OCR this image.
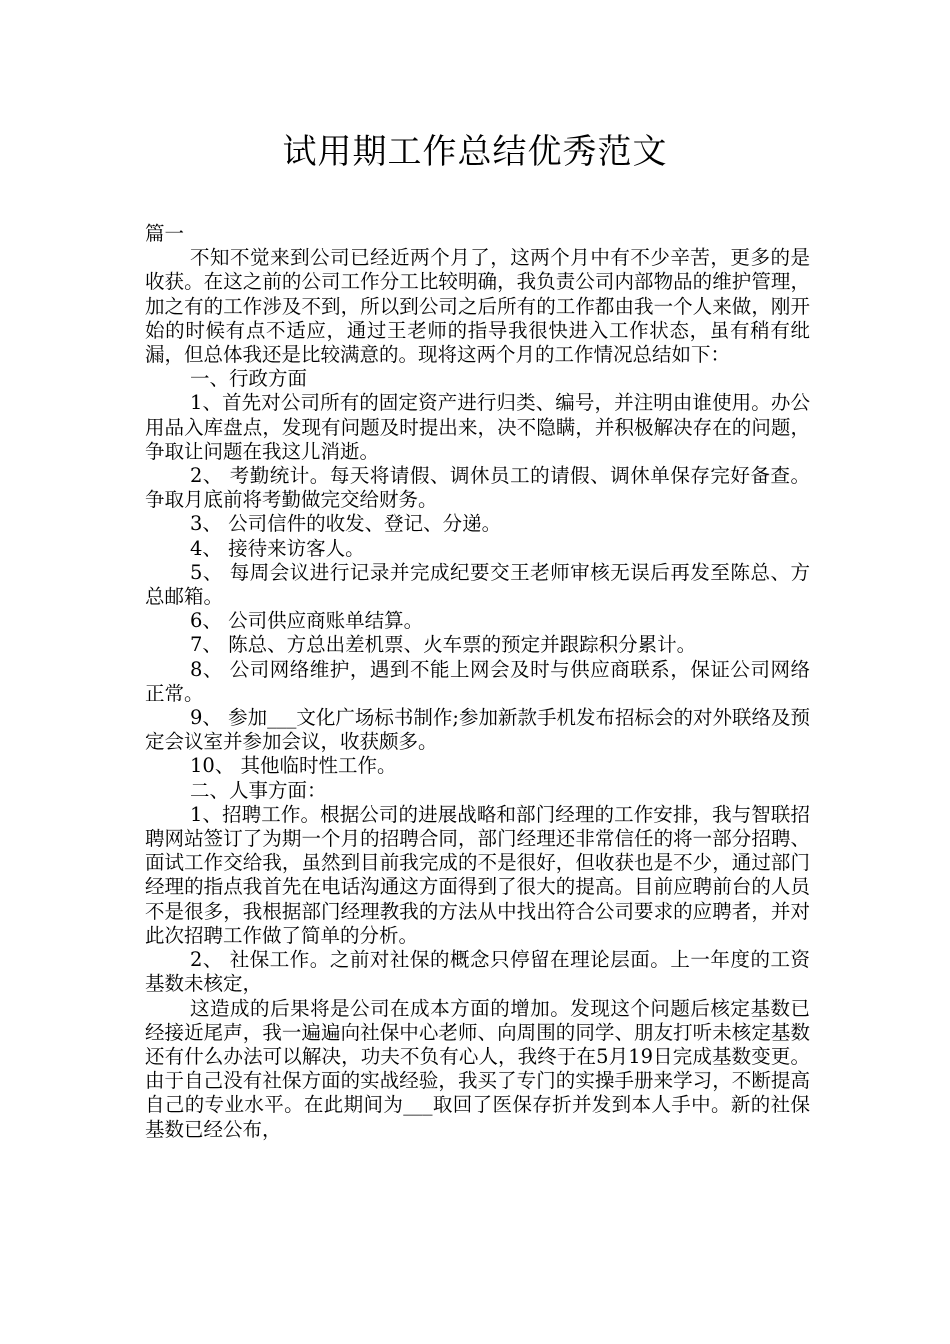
试用期工作总结优秀范文

篇一

不知不觉来到公司已经近两个月了，这两个月中有不少辛苦，更多的是收获。在这之前的公司工作分工比较明确，我负责公司内部物品的维护管理，加之有的工作涉及不到，所以到公司之后所有的工作都由我一个人来做，刚开始的时候有点不适应，通过王老师的指导我很快进入工作状态，虽有稍有纰漏，但总体我还是比较满意的。现将这两个月的工作情况总结如下：

一、行政方面

1、首先对公司所有的固定资产进行归类、编号，并注明由谁使用。办公用品入库盘点，发现有问题及时提出来，决不隐瞒，并积极解决存在的问题，争取让问题在我这儿消逝。

2、 考勤统计。每天将请假、调休员工的请假、调休单保存完好备查。争取月底前将考勤做完交给财务。

3、 公司信件的收发、登记、分递。

4、 接待来访客人。

5、 每周会议进行记录并完成纪要交王老师审核无误后再发至陈总、方总邮箱。

6、 公司供应商账单结算。

7、 陈总、方总出差机票、火车票的预定并跟踪积分累计。

8、 公司网络维护，遇到不能上网会及时与供应商联系，保证公司网络正常。

9、 参加___文化广场标书制作;参加新款手机发布招标会的对外联络及预定会议室并参加会议，收获颇多。

10、 其他临时性工作。

二、人事方面：

1、招聘工作。根据公司的进展战略和部门经理的工作安排，我与智联招聘网站签订了为期一个月的招聘合同，部门经理还非常信任的将一部分招聘、面试工作交给我，虽然到目前我完成的不是很好，但收获也是不少，通过部门经理的指点我首先在电话沟通这方面得到了很大的提高。目前应聘前台的人员不是很多，我根据部门经理教我的方法从中找出符合公司要求的应聘者，并对此次招聘工作做了简单的分析。

2、 社保工作。之前对社保的概念只停留在理论层面。上一年度的工资基数未核定，

这造成的后果将是公司在成本方面的增加。发现这个问题后核定基数已经接近尾声，我一遍遍向社保中心老师、向周围的同学、朋友打听未核定基数还有什么办法可以解决，功夫不负有心人，我终于在5月19日完成基数变更。由于自己没有社保方面的实战经验，我买了专门的实操手册来学习，不断提高自己的专业水平。在此期间为___取回了医保存折并发到本人手中。新的社保基数已经公布，
